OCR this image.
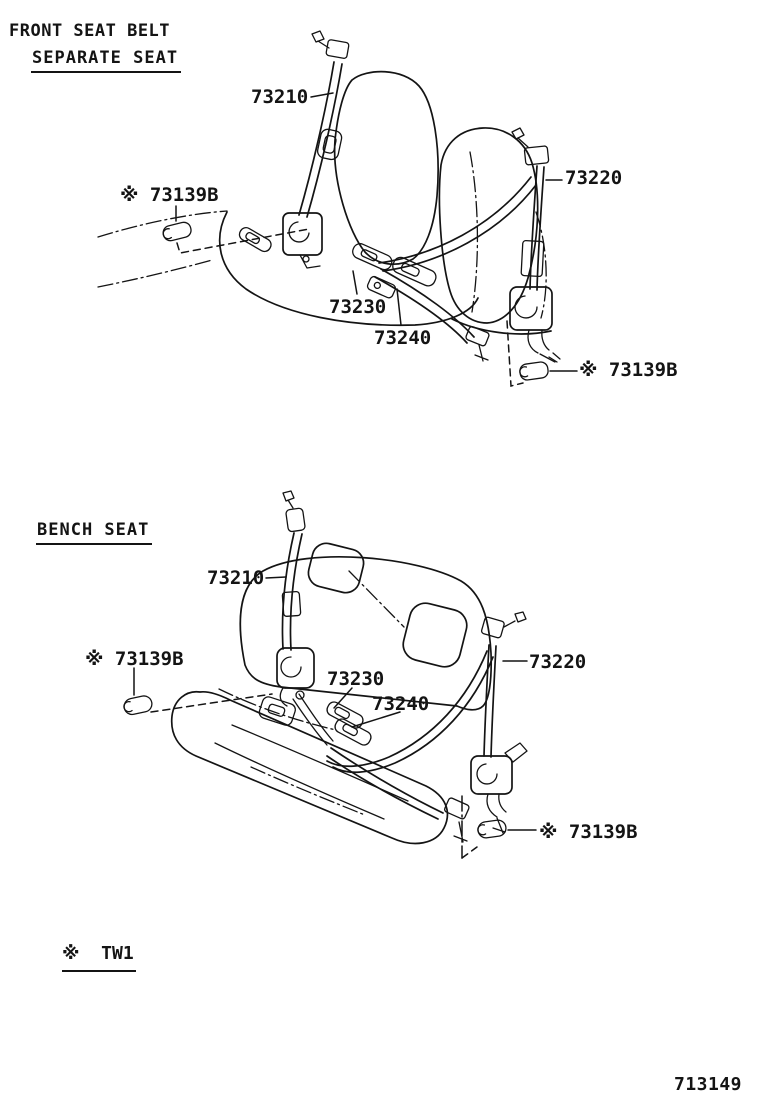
FRONT SEAT BELT
SEPARATE SEAT
BENCH SEAT
73210
※ 73139B
73220
73230
73240
※ 73139B
73210
※ 73139B
73230
73240
73220
※ 73139B
※  TW1
713149
